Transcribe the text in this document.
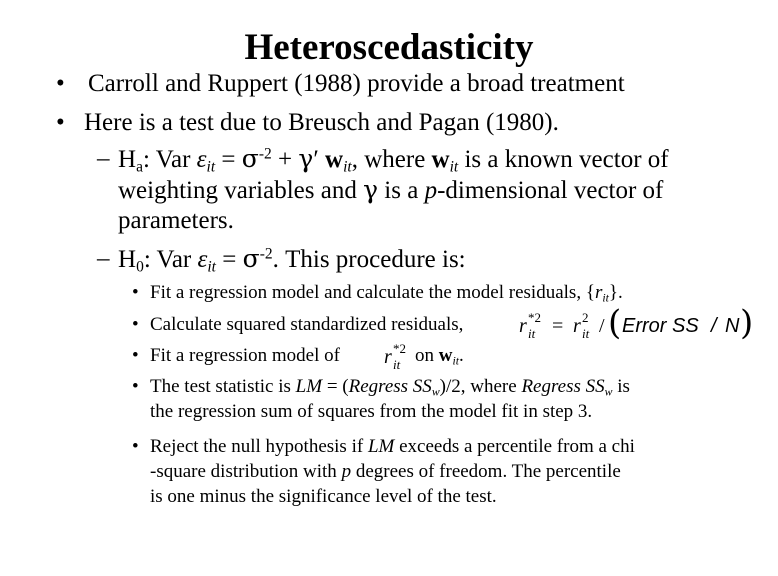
Heteroscedasticity
• Carroll and Ruppert (1988) provide a broad treatment
• Here is a test due to Breusch and Pagan (1980).
– $H_a$: Var $\varepsilon_{it} = \sigma^{-2} + \gamma'$ $w_{it}$, where $w_{it}$ is a known vector of
weighting variables and γ is a p-dimensional vector of
parameters.
– $H_0$: Var $\varepsilon_{it} = \sigma^{-2}$. This procedure is:
• Fit a regression model and calculate the model residuals, $\{r_{it}\}$.
• Calculate squared standardized residuals,	r *2
it = r 2
it / ( Error SS / N )
• Fit a regression model of r *2
it on $w_{it}$.
• The test statistic is LM = (Regress $SS_w)/2$, where Regress $SS_w$ is
the regression sum of squares from the model fit in step 3.
• Reject the null hypothesis if LM exceeds a percentile from a chi
-square distribution with p degrees of freedom. The percentile
is one minus the significance level of the test.
